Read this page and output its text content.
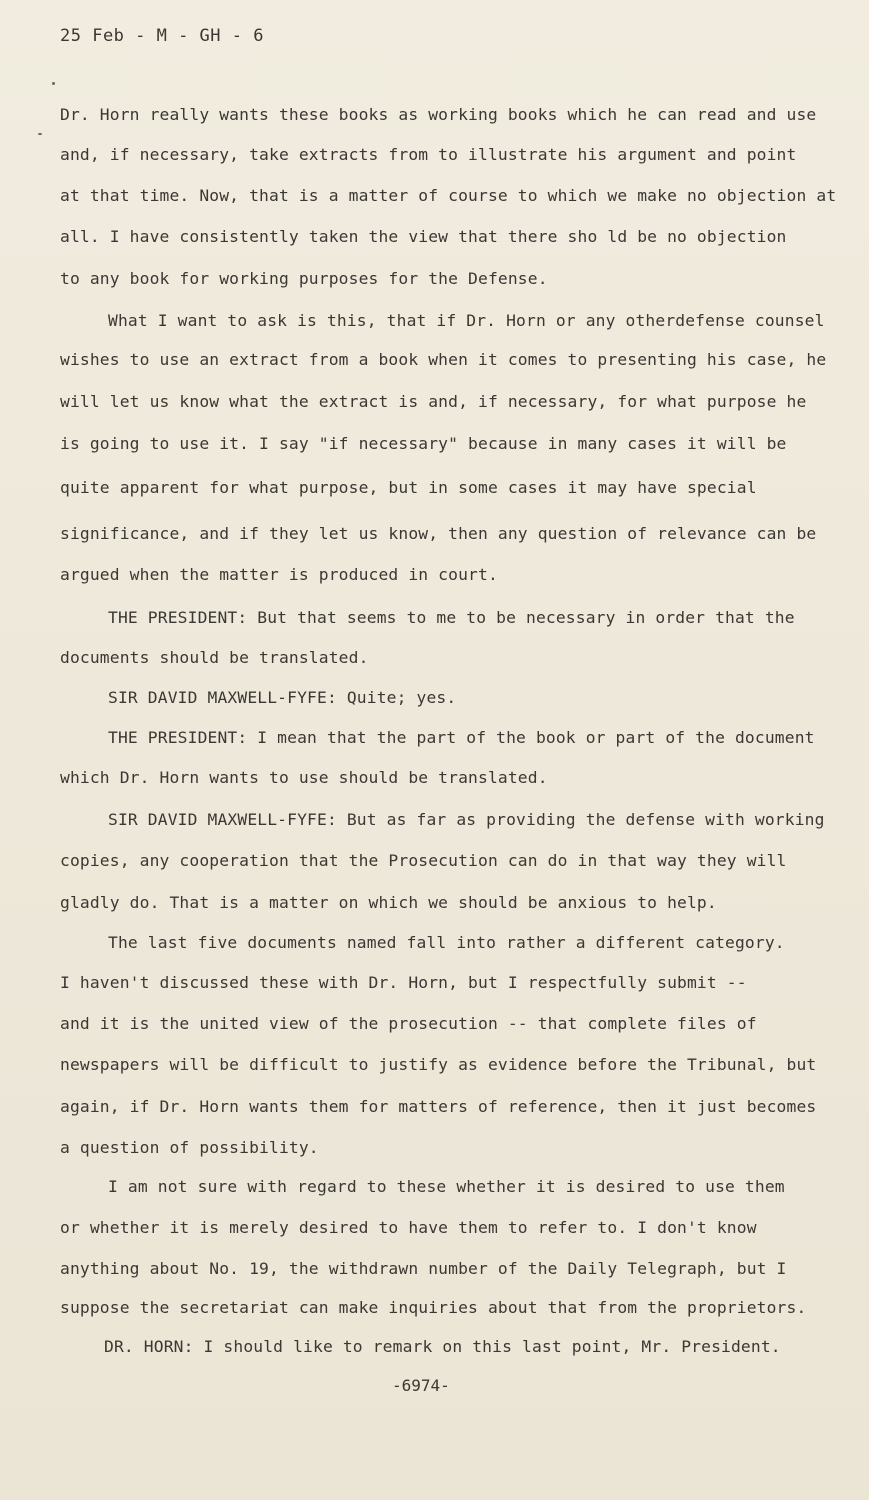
25 Feb - M - GH - 6
Dr. Horn really wants these books as working books which he can read and use
and, if necessary, take extracts from to illustrate his argument and point
at that time. Now, that is a matter of course to which we make no objection at
all. I have consistently taken the view that there sho ld be no objection
to any book for working purposes for the Defense.
What I want to ask is this, that if Dr. Horn or any otherdefense counsel
wishes to use an extract from a book when it comes to presenting his case, he
will let us know what the extract is and, if necessary, for what purpose he
is going to use it. I say "if necessary" because in many cases it will be
quite apparent for what purpose, but in some cases it may have special
significance, and if they let us know, then any question of relevance can be
argued when the matter is produced in court.
THE PRESIDENT: But that seems to me to be necessary in order that the
documents should be translated.
SIR DAVID MAXWELL-FYFE: Quite; yes.
THE PRESIDENT: I mean that the part of the book or part of the document
which Dr. Horn wants to use should be translated.
SIR DAVID MAXWELL-FYFE: But as far as providing the defense with working
copies, any cooperation that the Prosecution can do in that way they will
gladly do. That is a matter on which we should be anxious to help.
The last five documents named fall into rather a different category.
I haven't discussed these with Dr. Horn, but I respectfully submit --
and it is the united view of the prosecution -- that complete files of
newspapers will be difficult to justify as evidence before the Tribunal, but
again, if Dr. Horn wants them for matters of reference, then it just becomes
a question of possibility.
I am not sure with regard to these whether it is desired to use them
or whether it is merely desired to have them to refer to. I don't know
anything about No. 19, the withdrawn number of the Daily Telegraph, but I
suppose the secretariat can make inquiries about that from the proprietors.
DR. HORN: I should like to remark on this last point, Mr. President.
-6974-
